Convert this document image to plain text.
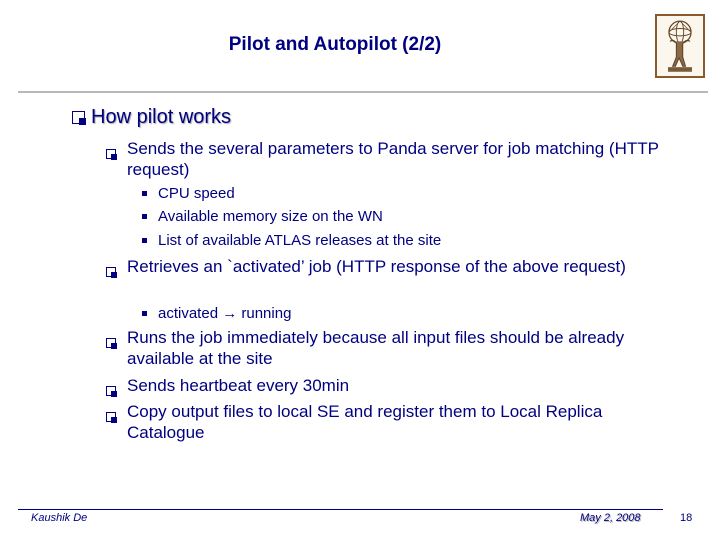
Pilot and Autopilot (2/2)
How pilot works
Sends the several parameters to Panda server for job matching (HTTP request)
CPU speed
Available memory size on the WN
List of available ATLAS releases at the site
Retrieves an `activated’ job (HTTP response of the above request)
activated → running
Runs the job immediately because all input files should be already available at the site
Sends heartbeat every 30min
Copy output files to local SE and register them to Local Replica Catalogue
Kaushik De	May 2, 2008	18
